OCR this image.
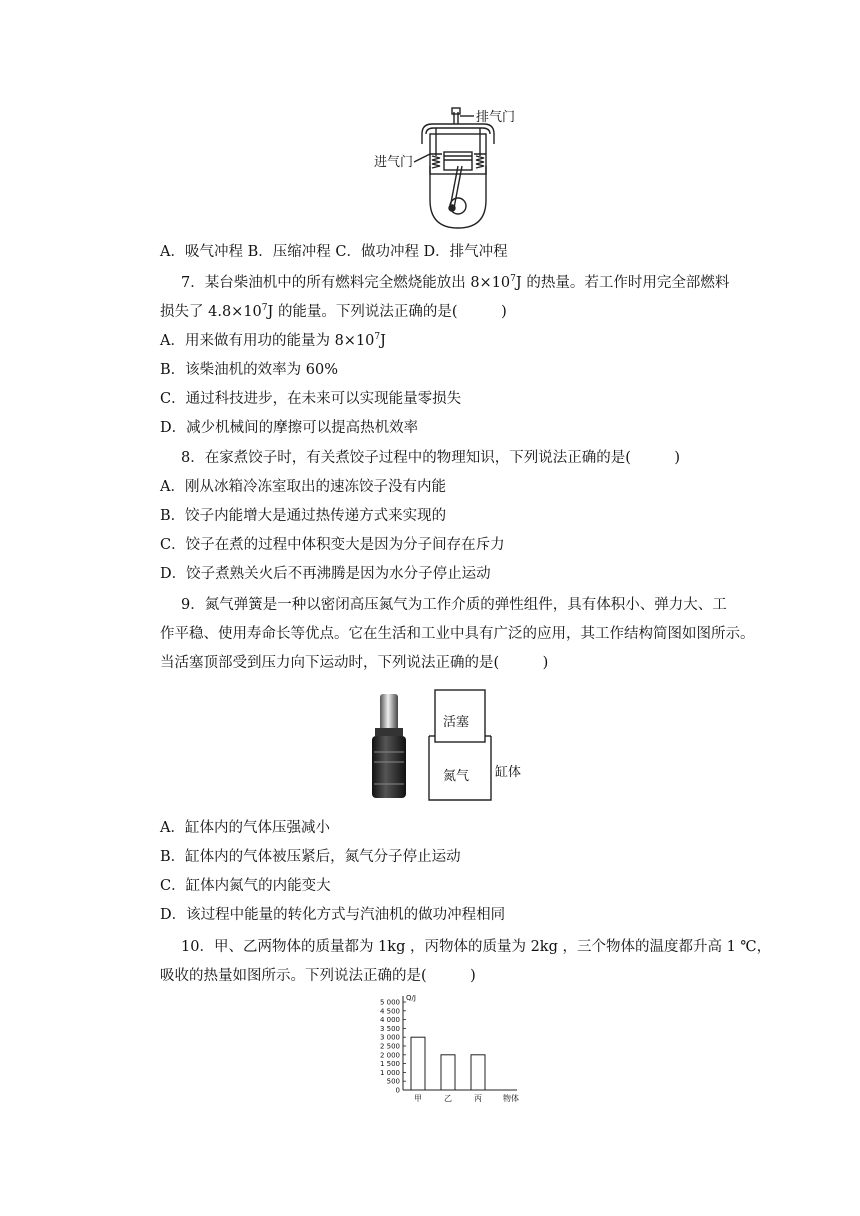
排气门
进气门
A．吸气冲程 B．压缩冲程 C．做功冲程 D．排气冲程
7．某台柴油机中的所有燃料完全燃烧能放出 $8\times 10^7J$ 的热量。若工作时用完全部燃料
损失了 $4.8\times 10^7J$ 的能量。下列说法正确的是(　　　)
A．用来做有用功的能量为 $8\times 10^7J$
B．该柴油机的效率为 60%
C．通过科技进步，在未来可以实现能量零损失
D．减少机械间的摩擦可以提高热机效率
8．在家煮饺子时，有关煮饺子过程中的物理知识，下列说法正确的是(　　　)
A．刚从冰箱冷冻室取出的速冻饺子没有内能
B．饺子内能增大是通过热传递方式来实现的
C．饺子在煮的过程中体积变大是因为分子间存在斥力
D．饺子煮熟关火后不再沸腾是因为水分子停止运动
9．氮气弹簧是一种以密闭高压氮气为工作介质的弹性组件，具有体积小、弹力大、工
作平稳、使用寿命长等优点。它在生活和工业中具有广泛的应用，其工作结构简图如图所示。
当活塞顶部受到压力向下运动时，下列说法正确的是(　　　)
活塞
氮气 缸体
A．缸体内的气体压强减小
B．缸体内的气体被压紧后，氮气分子停止运动
C．缸体内氮气的内能变大
D．该过程中能量的转化方式与汽油机的做功冲程相同
10．甲、乙两物体的质量都为 1kg ，丙物体的质量为 2kg ，三个物体的温度都升高 1 ℃，
吸收的热量如图所示。下列说法正确的是(　　　)
Q/J
物体
5 000
4 500
4 000
3 500
3 000
2 500
2 000
1 500
1 000
500
0
甲	乙	丙
